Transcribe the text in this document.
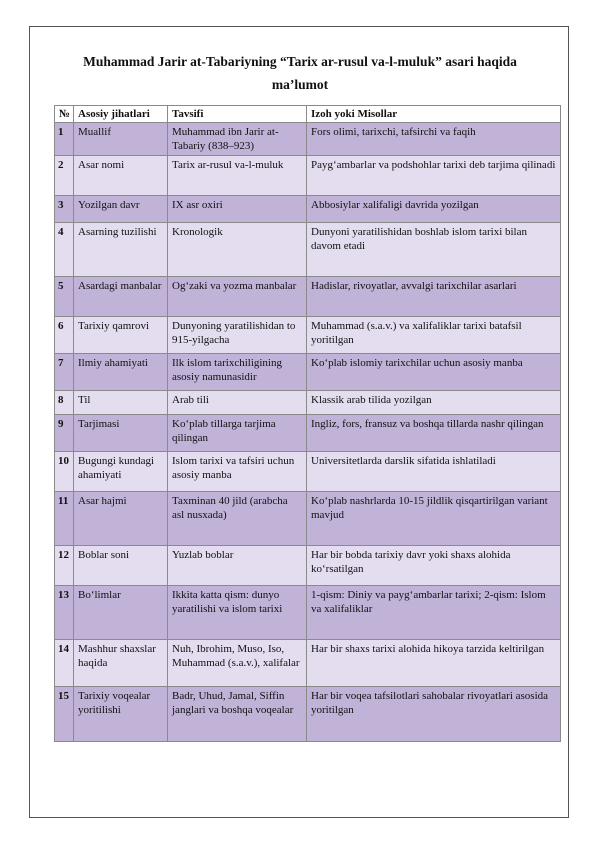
Muhammad Jarir at-Tabariyning “Tarix ar-rusul va-l-muluk” asari haqida
ma’lumot
№	Asosiy jihatlari	Tavsifi	Izoh yoki Misollar
1	Muallif	Muhammad ibn Jarir at-Tabariy (838–923)	Fors olimi, tarixchi, tafsirchi va faqih
2	Asar nomi	Tarix ar-rusul va-l-muluk	Payg‘ambarlar va podshohlar tarixi deb tarjima qilinadi
3	Yozilgan davr	IX asr oxiri	Abbosiylar xalifaligi davrida yozilgan
4	Asarning tuzilishi	Kronologik	Dunyoni yaratilishidan boshlab islom tarixi bilan davom etadi
5	Asardagi manbalar	Og‘zaki va yozma manbalar	Hadislar, rivoyatlar, avvalgi tarixchilar asarlari
6	Tarixiy qamrovi	Dunyoning yaratilishidan to 915-yilgacha	Muhammad (s.a.v.) va xalifaliklar tarixi batafsil yoritilgan
7	Ilmiy ahamiyati	Ilk islom tarixchiligining asosiy namunasidir	Ko‘plab islomiy tarixchilar uchun asosiy manba
8	Til	Arab tili	Klassik arab tilida yozilgan
9	Tarjimasi	Ko‘plab tillarga tarjima qilingan	Ingliz, fors, fransuz va boshqa tillarda nashr qilingan
10	Bugungi kundagi ahamiyati	Islom tarixi va tafsiri uchun asosiy manba	Universitetlarda darslik sifatida ishlatiladi
11	Asar hajmi	Taxminan 40 jild (arabcha asl nusxada)	Ko‘plab nashrlarda 10-15 jildlik qisqartirilgan variant mavjud
12	Boblar soni	Yuzlab boblar	Har bir bobda tarixiy davr yoki shaxs alohida ko‘rsatilgan
13	Bo‘limlar	Ikkita katta qism: dunyo yaratilishi va islom tarixi	1-qism: Diniy va payg‘ambarlar tarixi; 2-qism: Islom va xalifaliklar
14	Mashhur shaxslar haqida	Nuh, Ibrohim, Muso, Iso, Muhammad (s.a.v.), xalifalar	Har bir shaxs tarixi alohida hikoya tarzida keltirilgan
15	Tarixiy voqealar yoritilishi	Badr, Uhud, Jamal, Siffin janglari va boshqa voqealar	Har bir voqea tafsilotlari sahobalar rivoyatlari asosida yoritilgan
